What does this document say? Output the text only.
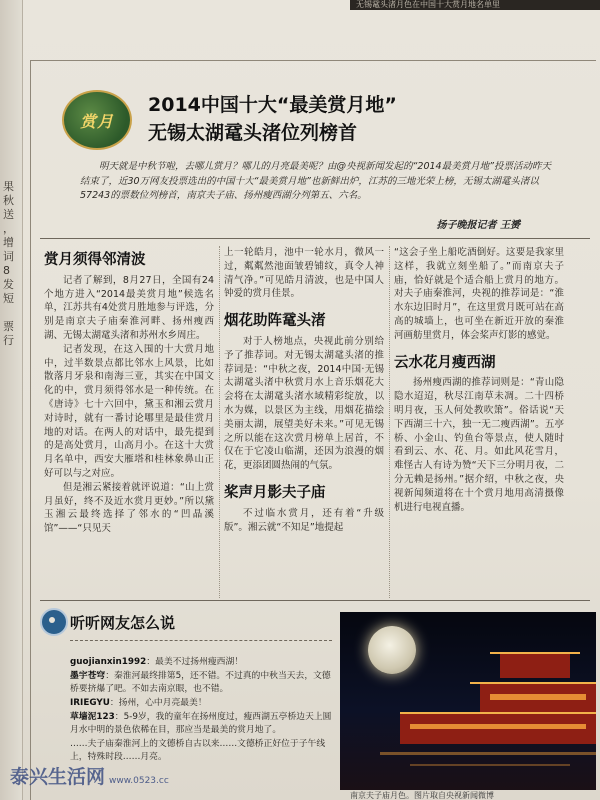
果
秋
送
，
增
词
8
发
短
票
行
无锡鼋头渚月色在中国十大赏月地名单里
赏月
2014中国十大“最美赏月地”
无锡太湖鼋头渚位列榜首
明天就是中秋节啦，去哪儿赏月？哪儿的月亮最美呢？由@央视新闻发起的“2014最美赏月地”投票活动昨天结束了，近30万网友投票选出的中国十大“最美赏月地”也新鲜出炉，江苏的三地光荣上榜，无锡太湖鼋头渚以57243的票数位列榜首，南京夫子庙、扬州瘦西湖分列第五、六名。
扬子晚报记者 王赟
赏月须得邻清波

记者了解到，8月27日，全国有24个地方进入“2014最美赏月地”候选名单，江苏共有4处赏月胜地参与评选，分别是南京夫子庙秦淮河畔、扬州瘦西湖、无锡太湖鼋头渚和苏州水乡周庄。

记者发现，在这入围的十大赏月地中，过半数景点都比邻水上风景，比如散落月牙泉和南海三亚，其实在中国文化的中，赏月须得邻水是一种传统。在《唐诗》七十六回中，黛玉和湘云赏月对诗时，就有一番讨论哪里是最佳赏月地的对话。在两人的对话中，最先提到的是高处赏月，山高月小。在这十大赏月名单中，西安大雁塔和桂林象鼻山正好可以与之对应。

但是湘云紧接着就评说道：“山上赏月虽好，终不及近水赏月更妙。”所以黛玉湘云最终选择了邻水的“凹晶溪馆”——“只见天

上一轮皓月，池中一轮水月，微风一过，粼粼然池面皱碧铺纹，真令人神清气净。”可见皓月清波，也是中国人钟爱的赏月佳景。

烟花助阵鼋头渚

对于人榜地点，央视此前分别给予了推荐词。对无锡太湖鼋头渚的推荐词是：“中秋之夜，2014中国·无锡太湖鼋头渚中秋赏月水上音乐烟花大会将在太湖鼋头渚水域精彩绽放，以水为媒，以景区为主线，用烟花描绘美丽太湖，展望美好未来。”可见无锡之所以能在这次赏月榜单上居首，不仅在于它凌山临湖，还因为浪漫的烟花，更添团圆热闹的气氛。

桨声月影夫子庙

不过临水赏月，还有着“升级版”。湘云就“不知足”地提起

“这会子坐上船吃酒倒好。这要是我家里这样，我就立刻坐船了。”而南京夫子庙，恰好就是个适合船上赏月的地方。对夫子庙秦淮河，央视的推荐词是：“淮水东边旧时月”，在这里赏月既可站在高高的城墙上，也可坐在新近开放的秦淮河画舫里赏月，体会桨声灯影的感觉。

云水花月瘦西湖

扬州瘦西湖的推荐词则是：“青山隐隐水迢迢，秋尽江南草未凋。二十四桥明月夜，玉人何处教吹箫”。俗话说“天下西湖三十六，独一无二瘦西湖”。五亭桥、小金山、钓鱼台等景点，使人随时看到云、水、花、月。如此风花雪月，难怪古人有诗为赞“天下三分明月夜，二分无赖是扬州。”据介绍，中秋之夜，央视新闻频道将在十个赏月地用高清摄像机进行电视直播。

听听网友怎么说
guojianxin1992：最美不过扬州瘦西湖！
墨宇苍穹：秦淮河最终排第5，还不错。不过真的中秋当天去，文德桥要挤爆了吧。不如去南京眼，也不错。
IRIEGYU：扬州，心中月亮最美！
草墙泥123：5-9岁，我的童年在扬州度过，瘦西湖五亭桥边天上圆月水中明的景色依稀在目，那应当是最美的赏月地了。
……夫子庙秦淮河上的文德桥自古以来……文德桥正好位于子午线上，特殊时段……月亮。
南京夫子庙月色。图片取自央视新闻微博
泰兴生活网 www.0523.cc
